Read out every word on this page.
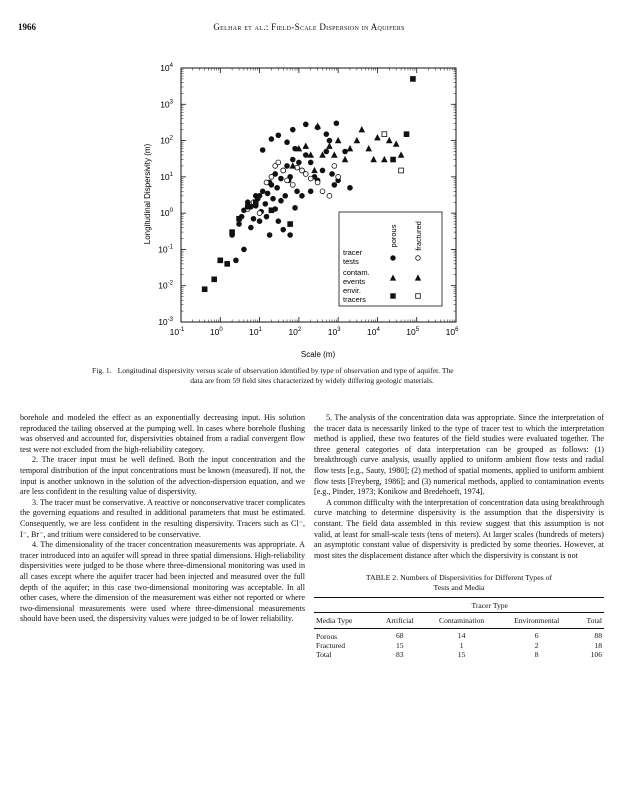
1966	Gelhar et al.: Field-Scale Dispersion in Aquifers
$10^{-1}$	$10^0$	$10^1$	$10^2$	$10^3$	$10^4$	$10^5$	$10^6$
$10^{-3}$
$10^{-2}$
$10^{-1}$
$10^0$
$10^1$
$10^2$
$10^3$
$10^4$
porous fractured
tracer
tests
contam.
events
envir.
tracers
Scale (m)
Longitudinal Dispersivity (m)
Fig. 1. Longitudinal dispersivity versus scale of observation identified by type of observation and type of aquifer. The
data are from 59 field sites characterized by widely differing geologic materials.

borehole and modeled the effect as an exponentially decreasing input. His solution reproduced the tailing observed at the pumping well. In cases where borehole flushing was observed and accounted for, dispersivities obtained from a radial convergent flow test were not excluded from the high-reliability category.

2. The tracer input must be well defined. Both the input concentration and the temporal distribution of the input concentrations must be known (measured). If not, the input is another unknown in the solution of the advection-dispersion equation, and we are less confident in the resulting value of dispersivity.

3. The tracer must be conservative. A reactive or nonconservative tracer complicates the governing equations and resulted in additional parameters that must be estimated. Consequently, we are less confident in the resulting dispersivity. Tracers such as Cl⁻, I⁻, Br⁻, and tritium were considered to be conservative.

4. The dimensionality of the tracer concentration measurements was appropriate. A tracer introduced into an aquifer will spread in three spatial dimensions. High-reliability dispersivities were judged to be those where three-dimensional monitoring was used in all cases except where the aquifer tracer had been injected and measured over the full depth of the aquifer; in this case two-dimensional monitoring was acceptable. In all other cases, where the dimension of the measurement was either not reported or where two-dimensional measurements were used where three-dimensional measurements should have been used, the dispersivity values were judged to be of lower reliability.

5. The analysis of the concentration data was appropriate. Since the interpretation of the tracer data is necessarily linked to the type of tracer test to which the interpretation method is applied, these two features of the field studies were evaluated together. The three general categories of data interpretation can be grouped as follows: (1) breakthrough curve analysis, usually applied to uniform ambient flow tests and radial flow tests [e.g., Sauty, 1980]; (2) method of spatial moments, applied to uniform ambient flow tests [Freyberg, 1986]; and (3) numerical methods, applied to contamination events [e.g., Pinder, 1973; Konikow and Bredehoeft, 1974].

A common difficulty with the interpretation of concentration data using breakthrough curve matching to determine dispersivity is the assumption that the dispersivity is constant. The field data assembled in this review suggest that this assumption is not valid, at least for small-scale tests (tens of meters). At larger scales (hundreds of meters) an asymptotic constant value of dispersivity is predicted by some theories. However, at most sites the displacement distance after which the dispersivity is constant is not

TABLE 2. Numbers of Dispersivities for Different Types of
Tests and Media
	Tracer Type			
Media Type	Artificial	Contamination	Environmental	Total
Porous	68	14	6	88
Fractured	15	1	2	18
Total	83	15	8	106
